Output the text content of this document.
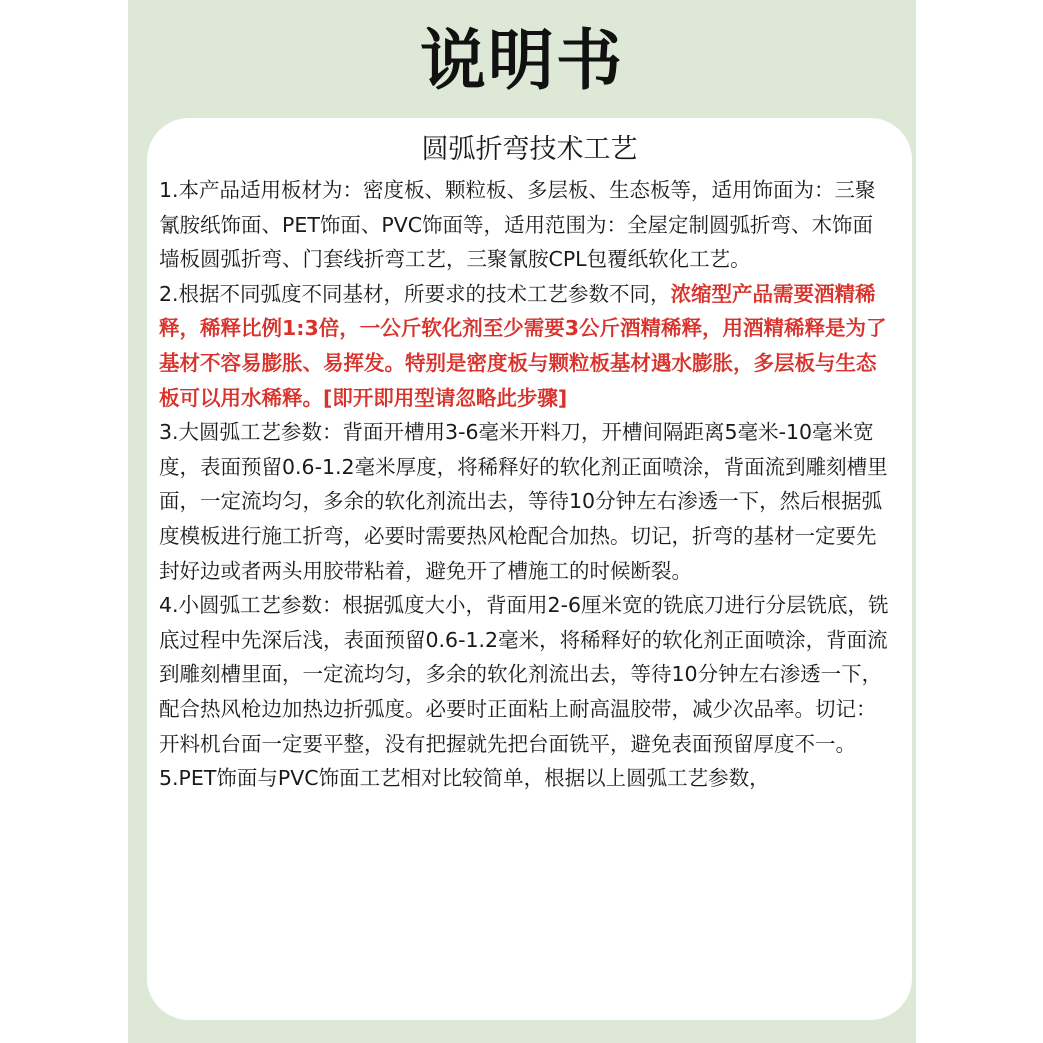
说明书
圆弧折弯技术工艺

1.本产品适用板材为：密度板、颗粒板、多层板、生态板等，适用饰面为：三聚氰胺纸饰面、PET饰面、PVC饰面等，适用范围为：全屋定制圆弧折弯、木饰面墙板圆弧折弯、门套线折弯工艺，三聚氰胺CPL包覆纸软化工艺。

2.根据不同弧度不同基材，所要求的技术工艺参数不同，浓缩型产品需要酒精稀释，稀释比例1:3倍，一公斤软化剂至少需要3公斤酒精稀释，用酒精稀释是为了基材不容易膨胀、易挥发。特别是密度板与颗粒板基材遇水膨胀，多层板与生态板可以用水稀释。[即开即用型请忽略此步骤]

3.大圆弧工艺参数：背面开槽用3-6毫米开料刀，开槽间隔距离5毫米-10毫米宽度，表面预留0.6-1.2毫米厚度，将稀释好的软化剂正面喷涂，背面流到雕刻槽里面，一定流均匀，多余的软化剂流出去，等待10分钟左右渗透一下，然后根据弧度模板进行施工折弯，必要时需要热风枪配合加热。切记，折弯的基材一定要先封好边或者两头用胶带粘着，避免开了槽施工的时候断裂。

4.小圆弧工艺参数：根据弧度大小，背面用2-6厘米宽的铣底刀进行分层铣底，铣底过程中先深后浅，表面预留0.6-1.2毫米，将稀释好的软化剂正面喷涂，背面流到雕刻槽里面，一定流均匀，多余的软化剂流出去，等待10分钟左右渗透一下，配合热风枪边加热边折弧度。必要时正面粘上耐高温胶带，减少次品率。切记：开料机台面一定要平整，没有把握就先把台面铣平，避免表面预留厚度不一。

5.PET饰面与PVC饰面工艺相对比较简单，根据以上圆弧工艺参数，
